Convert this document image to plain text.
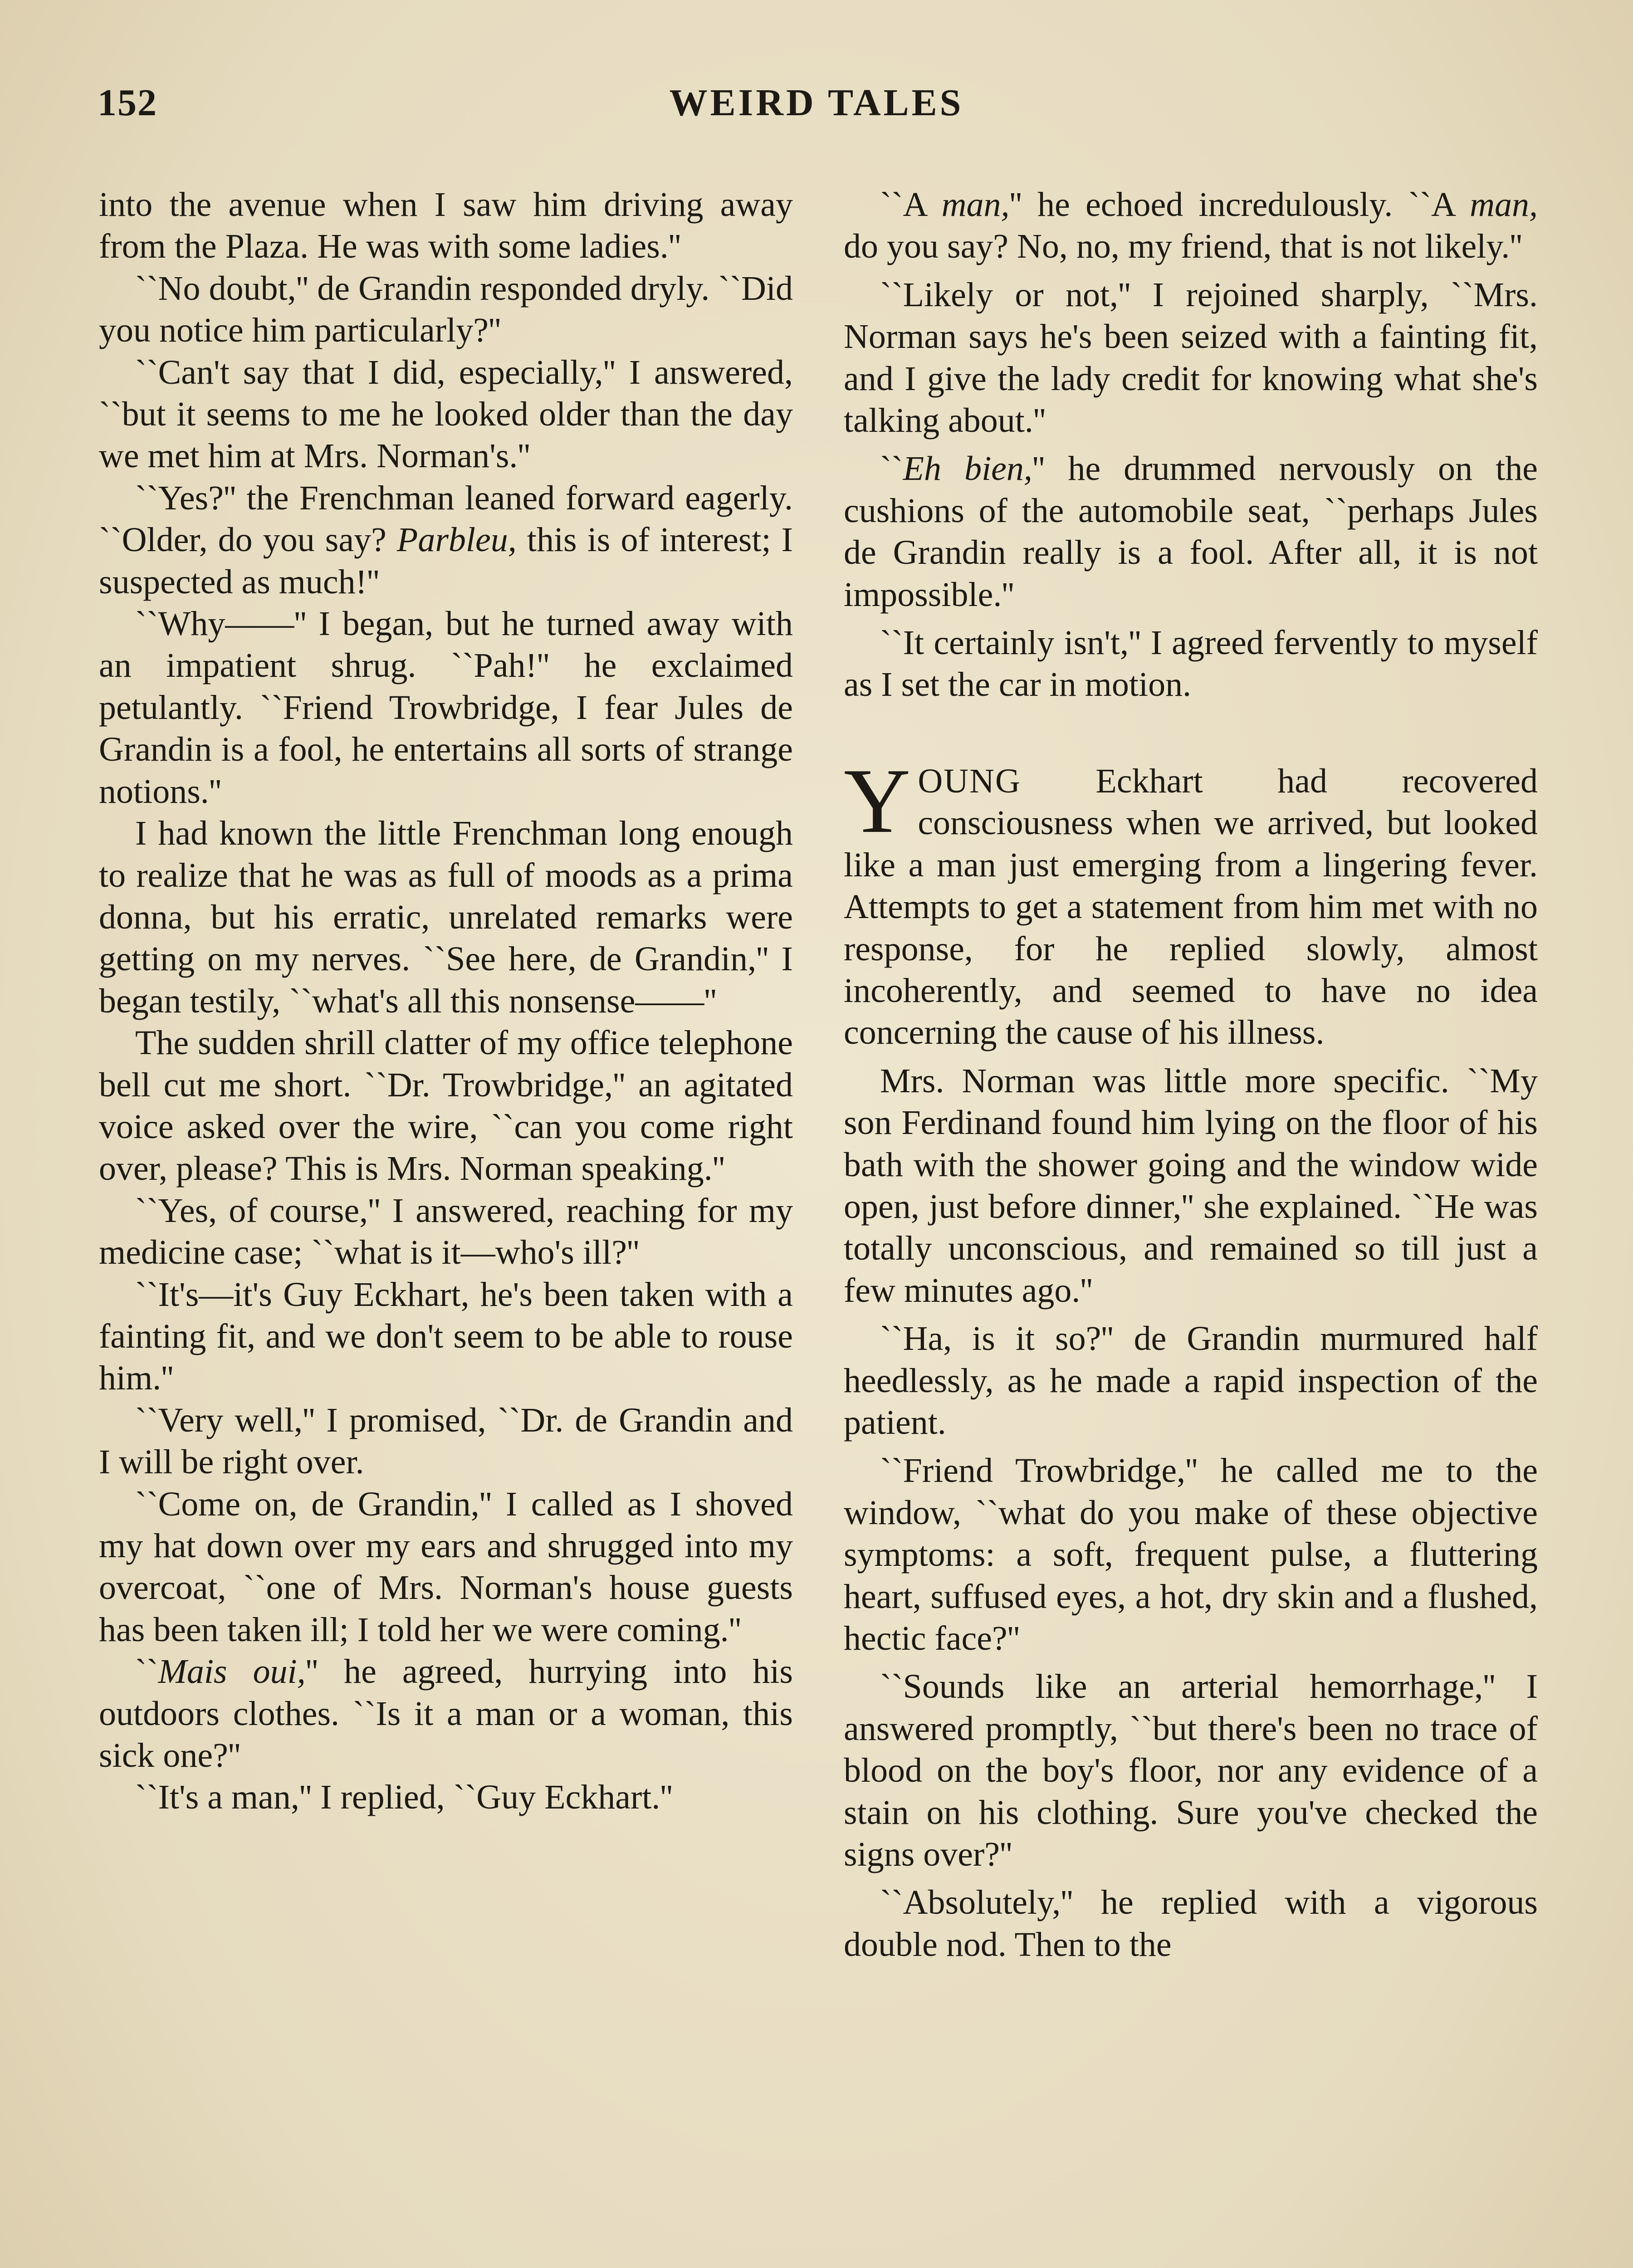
152	WEIRD TALES

into the avenue when I saw him driving away from the Plaza. He was with some ladies.''

``No doubt,'' de Grandin responded dryly. ``Did you notice him particularly?''

``Can't say that I did, especially,'' I answered, ``but it seems to me he looked older than the day we met him at Mrs. Norman's.''

``Yes?'' the Frenchman leaned forward eagerly. ``Older, do you say? Parbleu, this is of interest; I suspected as much!''

``Why——'' I began, but he turned away with an impatient shrug. ``Pah!'' he exclaimed petulantly. ``Friend Trowbridge, I fear Jules de Grandin is a fool, he entertains all sorts of strange notions.''

I had known the little Frenchman long enough to realize that he was as full of moods as a prima donna, but his erratic, unrelated remarks were getting on my nerves. ``See here, de Grandin,'' I began testily, ``what's all this nonsense——''

The sudden shrill clatter of my office telephone bell cut me short. ``Dr. Trowbridge,'' an agitated voice asked over the wire, ``can you come right over, please? This is Mrs. Norman speaking.''

``Yes, of course,'' I answered, reaching for my medicine case; ``what is it—who's ill?''

``It's—it's Guy Eckhart, he's been taken with a fainting fit, and we don't seem to be able to rouse him.''

``Very well,'' I promised, ``Dr. de Grandin and I will be right over.

``Come on, de Grandin,'' I called as I shoved my hat down over my ears and shrugged into my overcoat, ``one of Mrs. Norman's house guests has been taken ill; I told her we were coming.''

``Mais oui,'' he agreed, hurrying into his outdoors clothes. ``Is it a man or a woman, this sick one?''

``It's a man,'' I replied, ``Guy Eckhart.''

``A man,'' he echoed incredulously. ``A man, do you say? No, no, my friend, that is not likely.''

``Likely or not,'' I rejoined sharply, ``Mrs. Norman says he's been seized with a fainting fit, and I give the lady credit for knowing what she's talking about.''

``Eh bien,'' he drummed nervously on the cushions of the automobile seat, ``perhaps Jules de Grandin really is a fool. After all, it is not impossible.''

``It certainly isn't,'' I agreed fervently to myself as I set the car in motion.

YOUNG Eckhart had recovered consciousness when we arrived, but looked like a man just emerging from a lingering fever. Attempts to get a statement from him met with no response, for he replied slowly, almost incoherently, and seemed to have no idea concerning the cause of his illness.

Mrs. Norman was little more specific. ``My son Ferdinand found him lying on the floor of his bath with the shower going and the window wide open, just before dinner,'' she explained. ``He was totally unconscious, and remained so till just a few minutes ago.''

``Ha, is it so?'' de Grandin murmured half heedlessly, as he made a rapid inspection of the patient.

``Friend Trowbridge,'' he called me to the window, ``what do you make of these objective symptoms: a soft, frequent pulse, a fluttering heart, suffused eyes, a hot, dry skin and a flushed, hectic face?''

``Sounds like an arterial hemorrhage,'' I answered promptly, ``but there's been no trace of blood on the boy's floor, nor any evidence of a stain on his clothing. Sure you've checked the signs over?''

``Absolutely,'' he replied with a vigorous double nod. Then to the
